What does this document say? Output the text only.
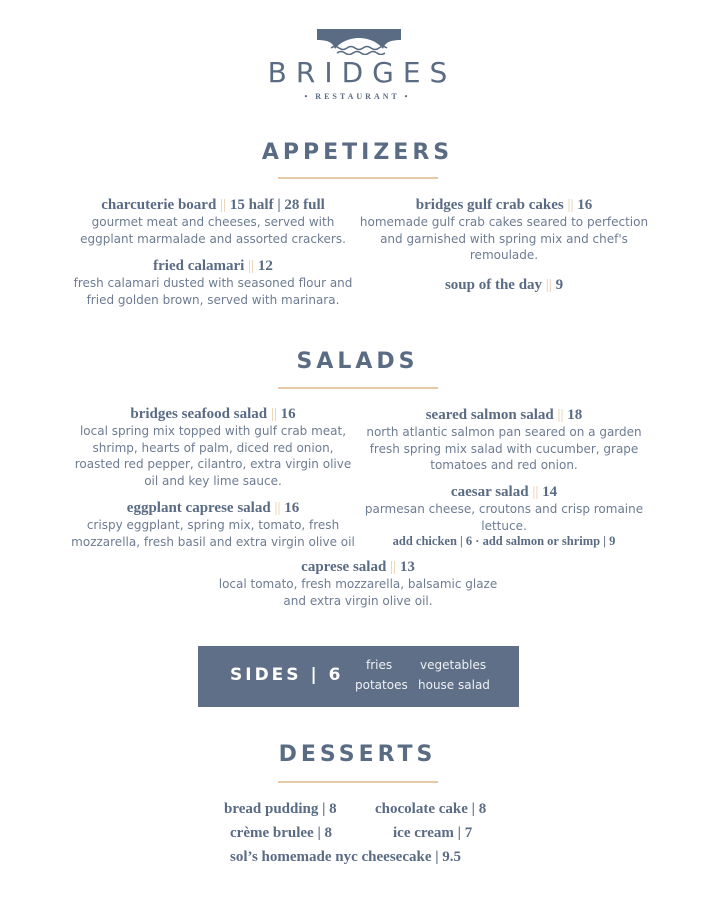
BRIDGES
• RESTAURANT •
APPETIZERS
charcuterie board || 15 half | 28 full
gourmet meat and cheeses, served with eggplant marmalade and assorted crackers.
fried calamari || 12
fresh calamari dusted with seasoned flour and fried golden brown, served with marinara.
bridges gulf crab cakes || 16
homemade gulf crab cakes seared to perfection and garnished with spring mix and chef's remoulade.
soup of the day || 9
SALADS
bridges seafood salad || 16
local spring mix topped with gulf crab meat, shrimp, hearts of palm, diced red onion, roasted red pepper, cilantro, extra virgin olive oil and key lime sauce.
eggplant caprese salad || 16
crispy eggplant, spring mix, tomato, fresh mozzarella, fresh basil and extra virgin olive oil
seared salmon salad || 18
north atlantic salmon pan seared on a garden fresh spring mix salad with cucumber, grape tomatoes and red onion.
caesar salad || 14
parmesan cheese, croutons and crisp romaine lettuce.
add chicken | 6 · add salmon or shrimp | 9
caprese salad || 13
local tomato, fresh mozzarella, balsamic glaze and extra virgin olive oil.
SIDES | 6 fries vegetables
potatoes house salad
DESSERTS
bread pudding | 8	chocolate cake | 8
crème brulee | 8	ice cream | 7
sol’s homemade nyc cheesecake | 9.5
